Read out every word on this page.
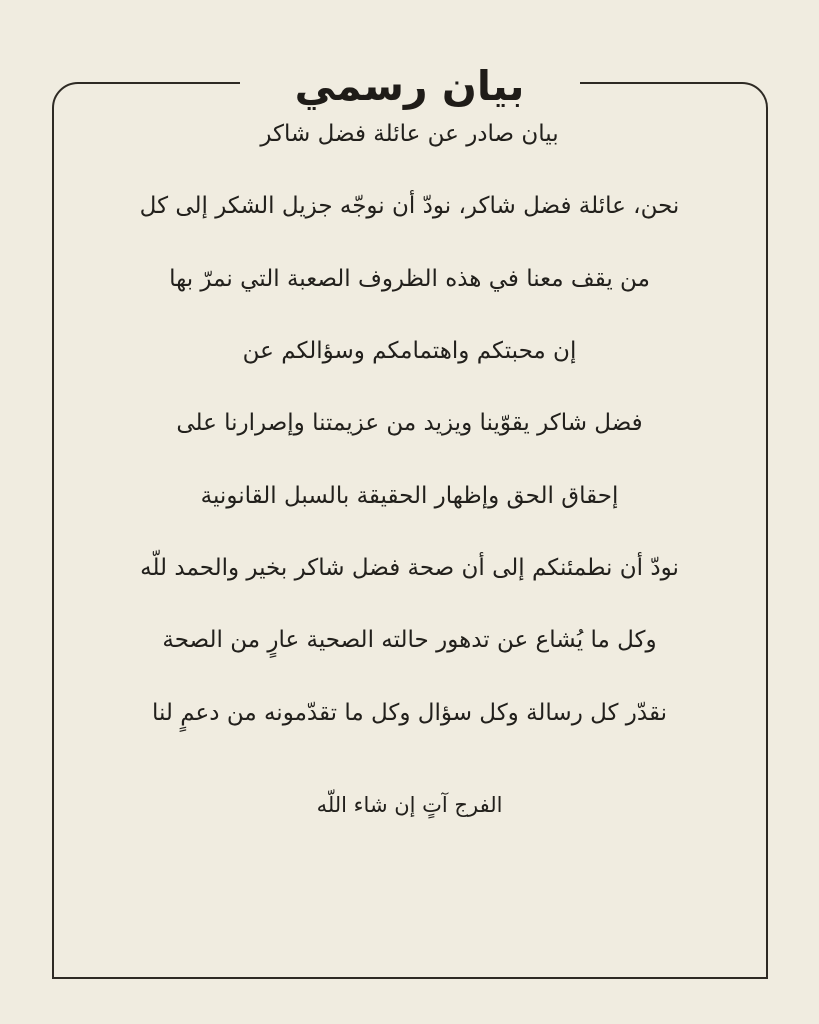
بيان رسمي

بيان صادر عن عائلة فضل شاكر

نحن، عائلة فضل شاكر، نودّ أن نوجّه جزيل الشكر إلى كل

من يقف معنا في هذه الظروف الصعبة التي نمرّ بها

إن محبتكم واهتمامكم وسؤالكم عن

فضل شاكر يقوّينا ويزيد من عزيمتنا وإصرارنا على

إحقاق الحق وإظهار الحقيقة بالسبل القانونية

نودّ أن نطمئنكم إلى أن صحة فضل شاكر بخير والحمد للّه

وكل ما يُشاع عن تدهور حالته الصحية عارٍ من الصحة

نقدّر كل رسالة وكل سؤال وكل ما تقدّمونه من دعمٍ لنا

الفرج آتٍ إن شاء اللّه
